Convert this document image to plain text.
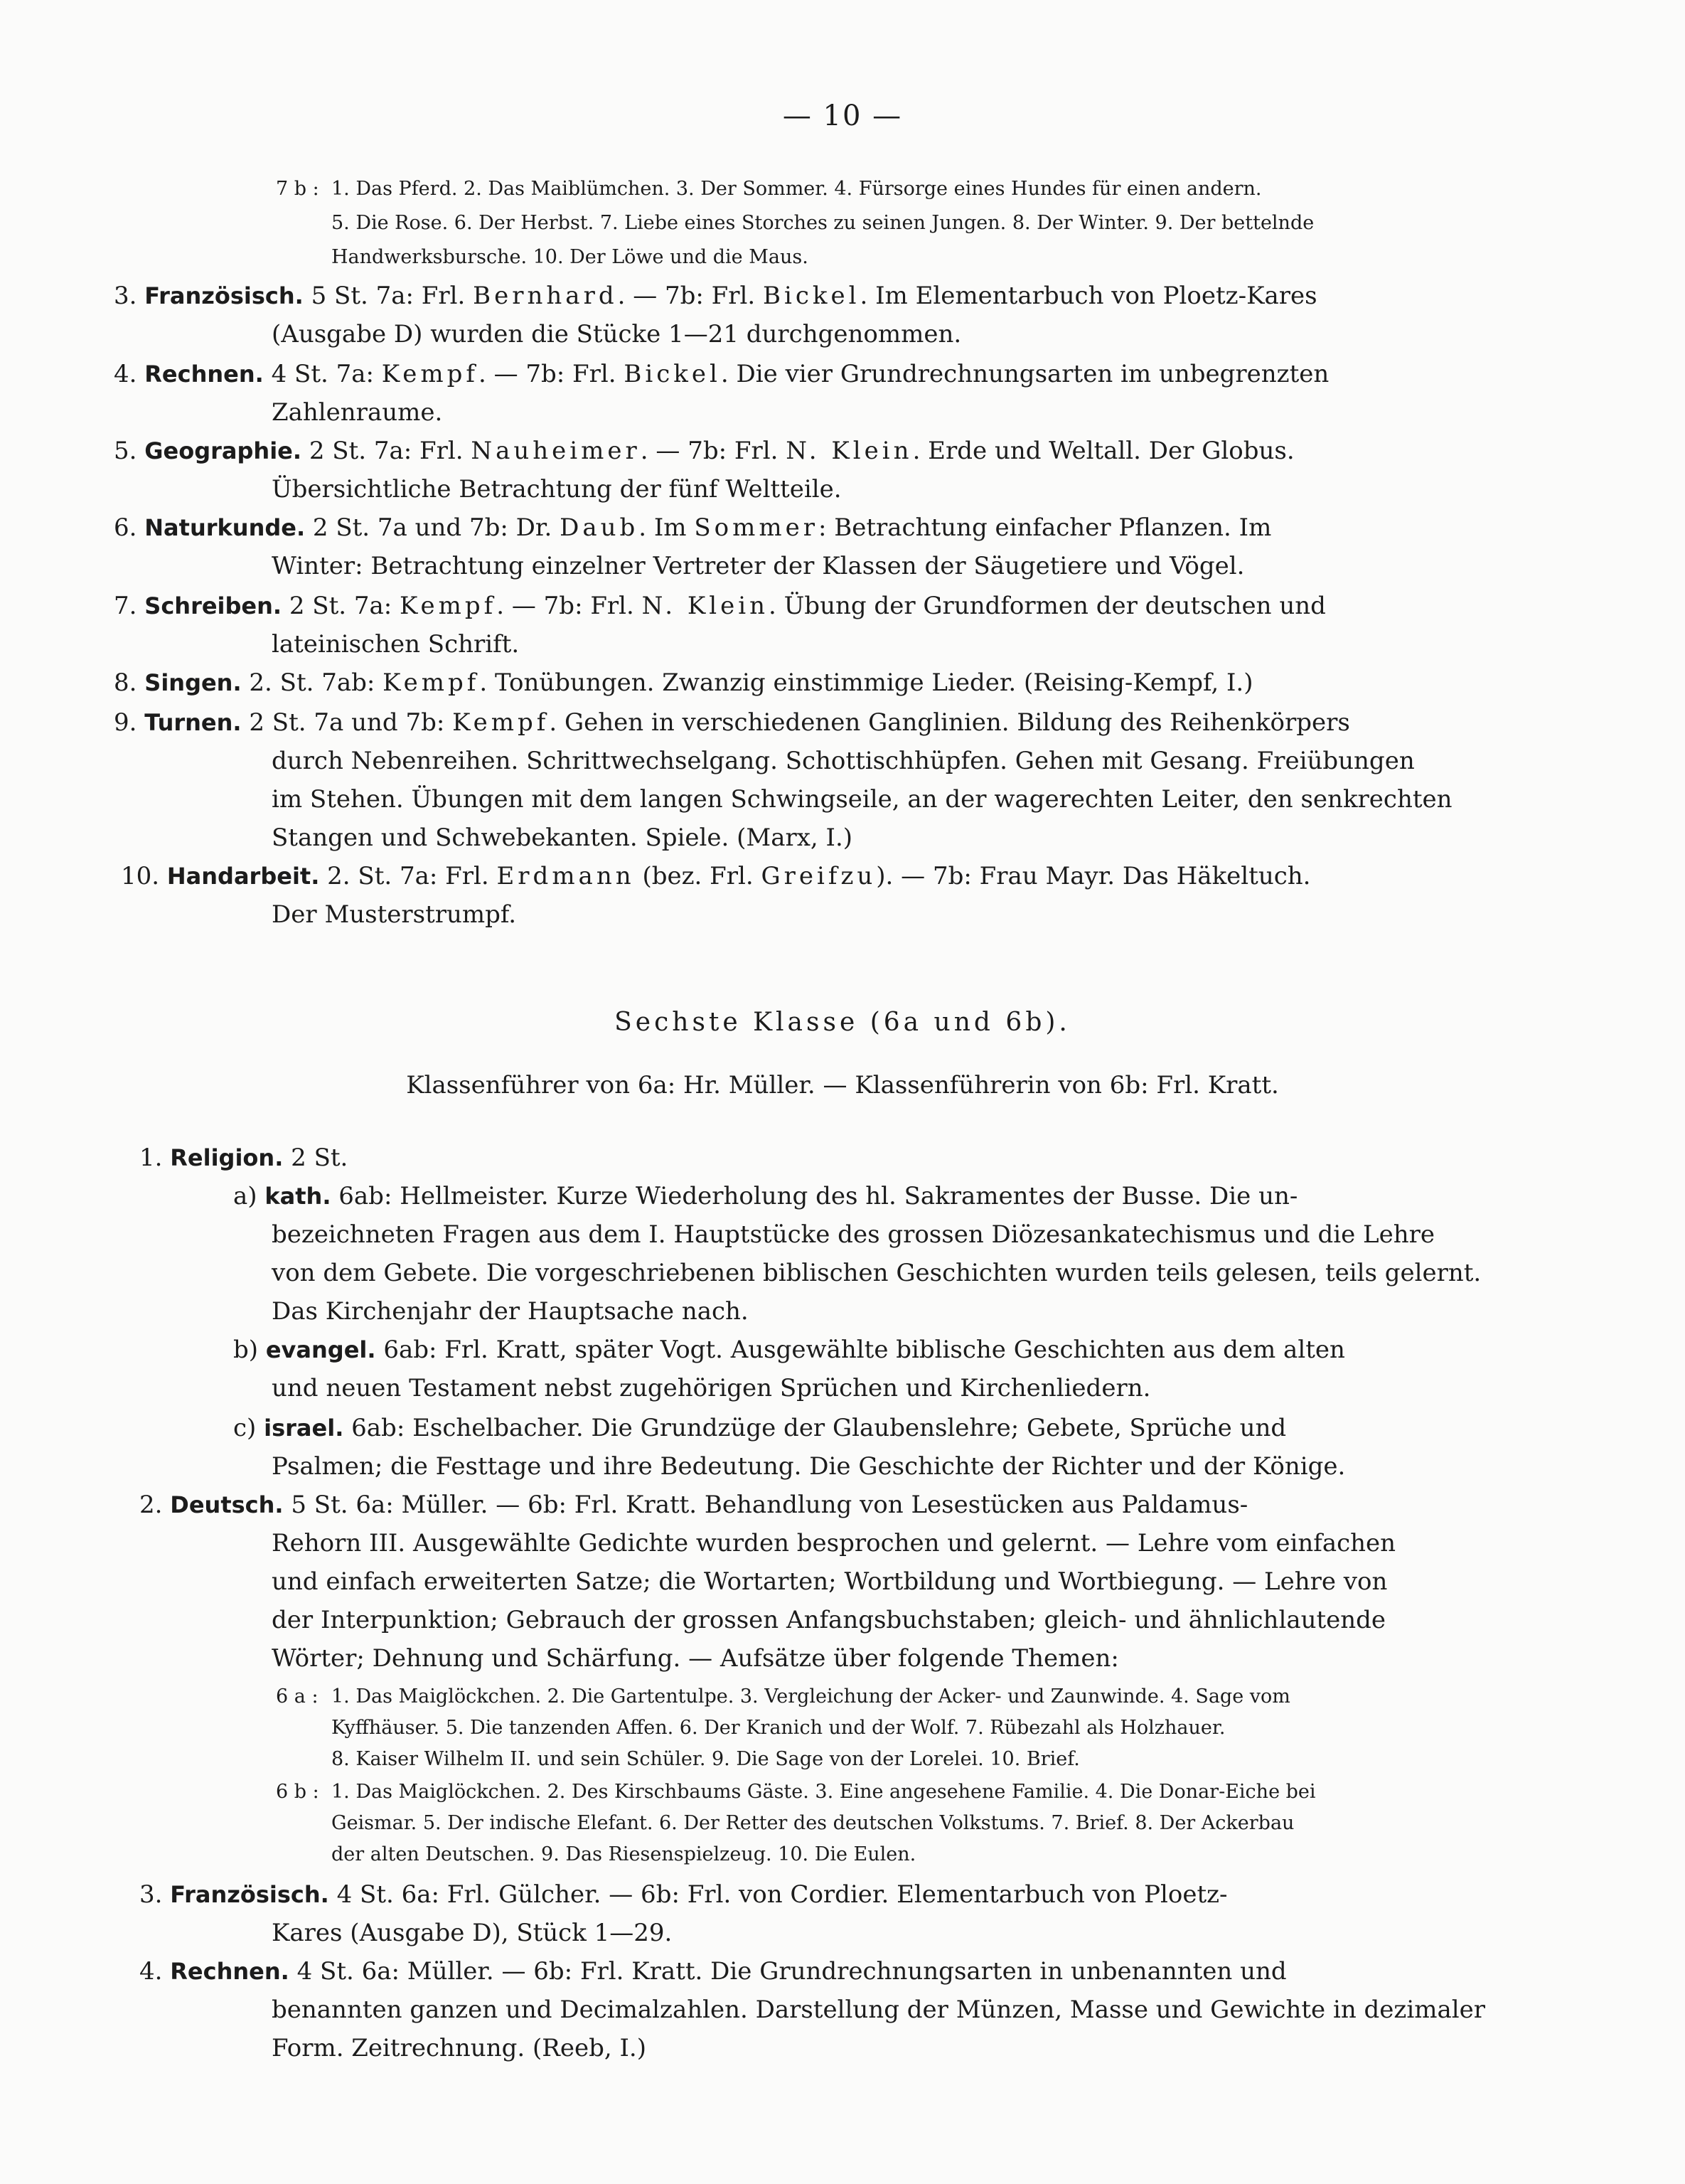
— 10 —
7 b : 1. Das Pferd. 2. Das Maiblümchen. 3. Der Sommer. 4. Fürsorge eines Hundes für einen andern.
5. Die Rose. 6. Der Herbst. 7. Liebe eines Storches zu seinen Jungen. 8. Der Winter. 9. Der bettelnde
Handwerksbursche. 10. Der Löwe und die Maus.
3. Französisch. 5 St. 7a: Frl. Bernhard. — 7b: Frl. Bickel. Im Elementarbuch von Ploetz-Kares
(Ausgabe D) wurden die Stücke 1—21 durchgenommen.
4. Rechnen. 4 St. 7a: Kempf. — 7b: Frl. Bickel. Die vier Grundrechnungsarten im unbegrenzten
Zahlenraume.
5. Geographie. 2 St. 7a: Frl. Nauheimer. — 7b: Frl. N. Klein. Erde und Weltall. Der Globus.
Übersichtliche Betrachtung der fünf Weltteile.
6. Naturkunde. 2 St. 7a und 7b: Dr. Daub. Im Sommer: Betrachtung einfacher Pflanzen. Im
Winter: Betrachtung einzelner Vertreter der Klassen der Säugetiere und Vögel.
7. Schreiben. 2 St. 7a: Kempf. — 7b: Frl. N. Klein. Übung der Grundformen der deutschen und
lateinischen Schrift.
8. Singen. 2. St. 7ab: Kempf. Tonübungen. Zwanzig einstimmige Lieder. (Reising-Kempf, I.)
9. Turnen. 2 St. 7a und 7b: Kempf. Gehen in verschiedenen Ganglinien. Bildung des Reihenkörpers
durch Nebenreihen. Schrittwechselgang. Schottischhüpfen. Gehen mit Gesang. Freiübungen
im Stehen. Übungen mit dem langen Schwingseile, an der wagerechten Leiter, den senkrechten
Stangen und Schwebekanten. Spiele. (Marx, I.)
10. Handarbeit. 2. St. 7a: Frl. Erdmann (bez. Frl. Greifzu). — 7b: Frau Mayr. Das Häkeltuch.
Der Musterstrumpf.
Sechste Klasse (6a und 6b).
Klassenführer von 6a: Hr. Müller. — Klassenführerin von 6b: Frl. Kratt.
1. Religion. 2 St.
a) kath. 6ab: Hellmeister. Kurze Wiederholung des hl. Sakramentes der Busse. Die un-
bezeichneten Fragen aus dem I. Hauptstücke des grossen Diözesankatechismus und die Lehre
von dem Gebete. Die vorgeschriebenen biblischen Geschichten wurden teils gelesen, teils gelernt.
Das Kirchenjahr der Hauptsache nach.
b) evangel. 6ab: Frl. Kratt, später Vogt. Ausgewählte biblische Geschichten aus dem alten
und neuen Testament nebst zugehörigen Sprüchen und Kirchenliedern.
c) israel. 6ab: Eschelbacher. Die Grundzüge der Glaubenslehre; Gebete, Sprüche und
Psalmen; die Festtage und ihre Bedeutung. Die Geschichte der Richter und der Könige.
2. Deutsch. 5 St. 6a: Müller. — 6b: Frl. Kratt. Behandlung von Lesestücken aus Paldamus-
Rehorn III. Ausgewählte Gedichte wurden besprochen und gelernt. — Lehre vom einfachen
und einfach erweiterten Satze; die Wortarten; Wortbildung und Wortbiegung. — Lehre von
der Interpunktion; Gebrauch der grossen Anfangsbuchstaben; gleich- und ähnlichlautende
Wörter; Dehnung und Schärfung. — Aufsätze über folgende Themen:
6 a : 1. Das Maiglöckchen. 2. Die Gartentulpe. 3. Vergleichung der Acker- und Zaunwinde. 4. Sage vom
Kyffhäuser. 5. Die tanzenden Affen. 6. Der Kranich und der Wolf. 7. Rübezahl als Holzhauer.
8. Kaiser Wilhelm II. und sein Schüler. 9. Die Sage von der Lorelei. 10. Brief.
6 b : 1. Das Maiglöckchen. 2. Des Kirschbaums Gäste. 3. Eine angesehene Familie. 4. Die Donar-Eiche bei
Geismar. 5. Der indische Elefant. 6. Der Retter des deutschen Volkstums. 7. Brief. 8. Der Ackerbau
der alten Deutschen. 9. Das Riesenspielzeug. 10. Die Eulen.
3. Französisch. 4 St. 6a: Frl. Gülcher. — 6b: Frl. von Cordier. Elementarbuch von Ploetz-
Kares (Ausgabe D), Stück 1—29.
4. Rechnen. 4 St. 6a: Müller. — 6b: Frl. Kratt. Die Grundrechnungsarten in unbenannten und
benannten ganzen und Decimalzahlen. Darstellung der Münzen, Masse und Gewichte in dezimaler
Form. Zeitrechnung. (Reeb, I.)
